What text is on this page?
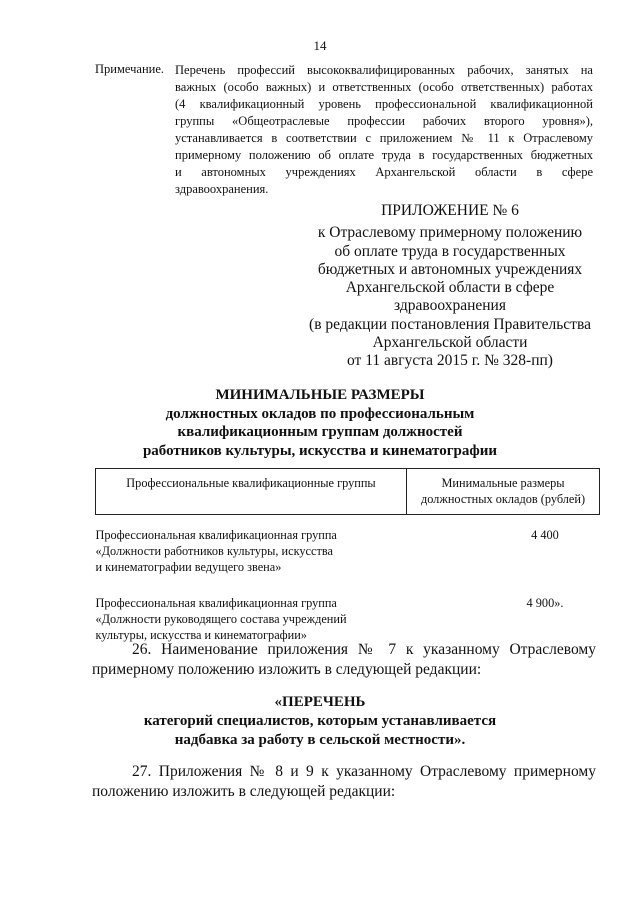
14
Примечание. Перечень профессий высококвалифицированных рабочих, занятых на
важных (особо важных) и ответственных (особо ответственных) работах
(4 квалификационный уровень профессиональной квалификационной
группы «Общеотраслевые профессии рабочих второго уровня»),
устанавливается в соответствии с приложением № 11 к Отраслевому
примерному положению об оплате труда в государственных бюджетных
и автономных учреждениях Архангельской области в сфере
здравоохранения.
ПРИЛОЖЕНИЕ № 6
к Отраслевому примерному положению
об оплате труда в государственных
бюджетных и автономных учреждениях
Архангельской области в сфере
здравоохранения
(в редакции постановления Правительства
Архангельской области
от 11 августа 2015 г. № 328-пп)
МИНИМАЛЬНЫЕ РАЗМЕРЫ
должностных окладов по профессиональным
квалификационным группам должностей
работников культуры, искусства и кинематографии
Профессиональные квалификационные группы	Минимальные размеры должностных окладов (рублей)

Профессиональная квалификационная группа
«Должности работников культуры, искусства
и кинематографии ведущего звена»	4 400

Профессиональная квалификационная группа
«Должности руководящего состава учреждений
культуры, искусства и кинематографии»	4 900».
26. Наименование приложения № 7 к указанному Отраслевому
примерному положению изложить в следующей редакции:
«ПЕРЕЧЕНЬ
категорий специалистов, которым устанавливается
надбавка за работу в сельской местности».
27. Приложения № 8 и 9 к указанному Отраслевому примерному
положению изложить в следующей редакции:
